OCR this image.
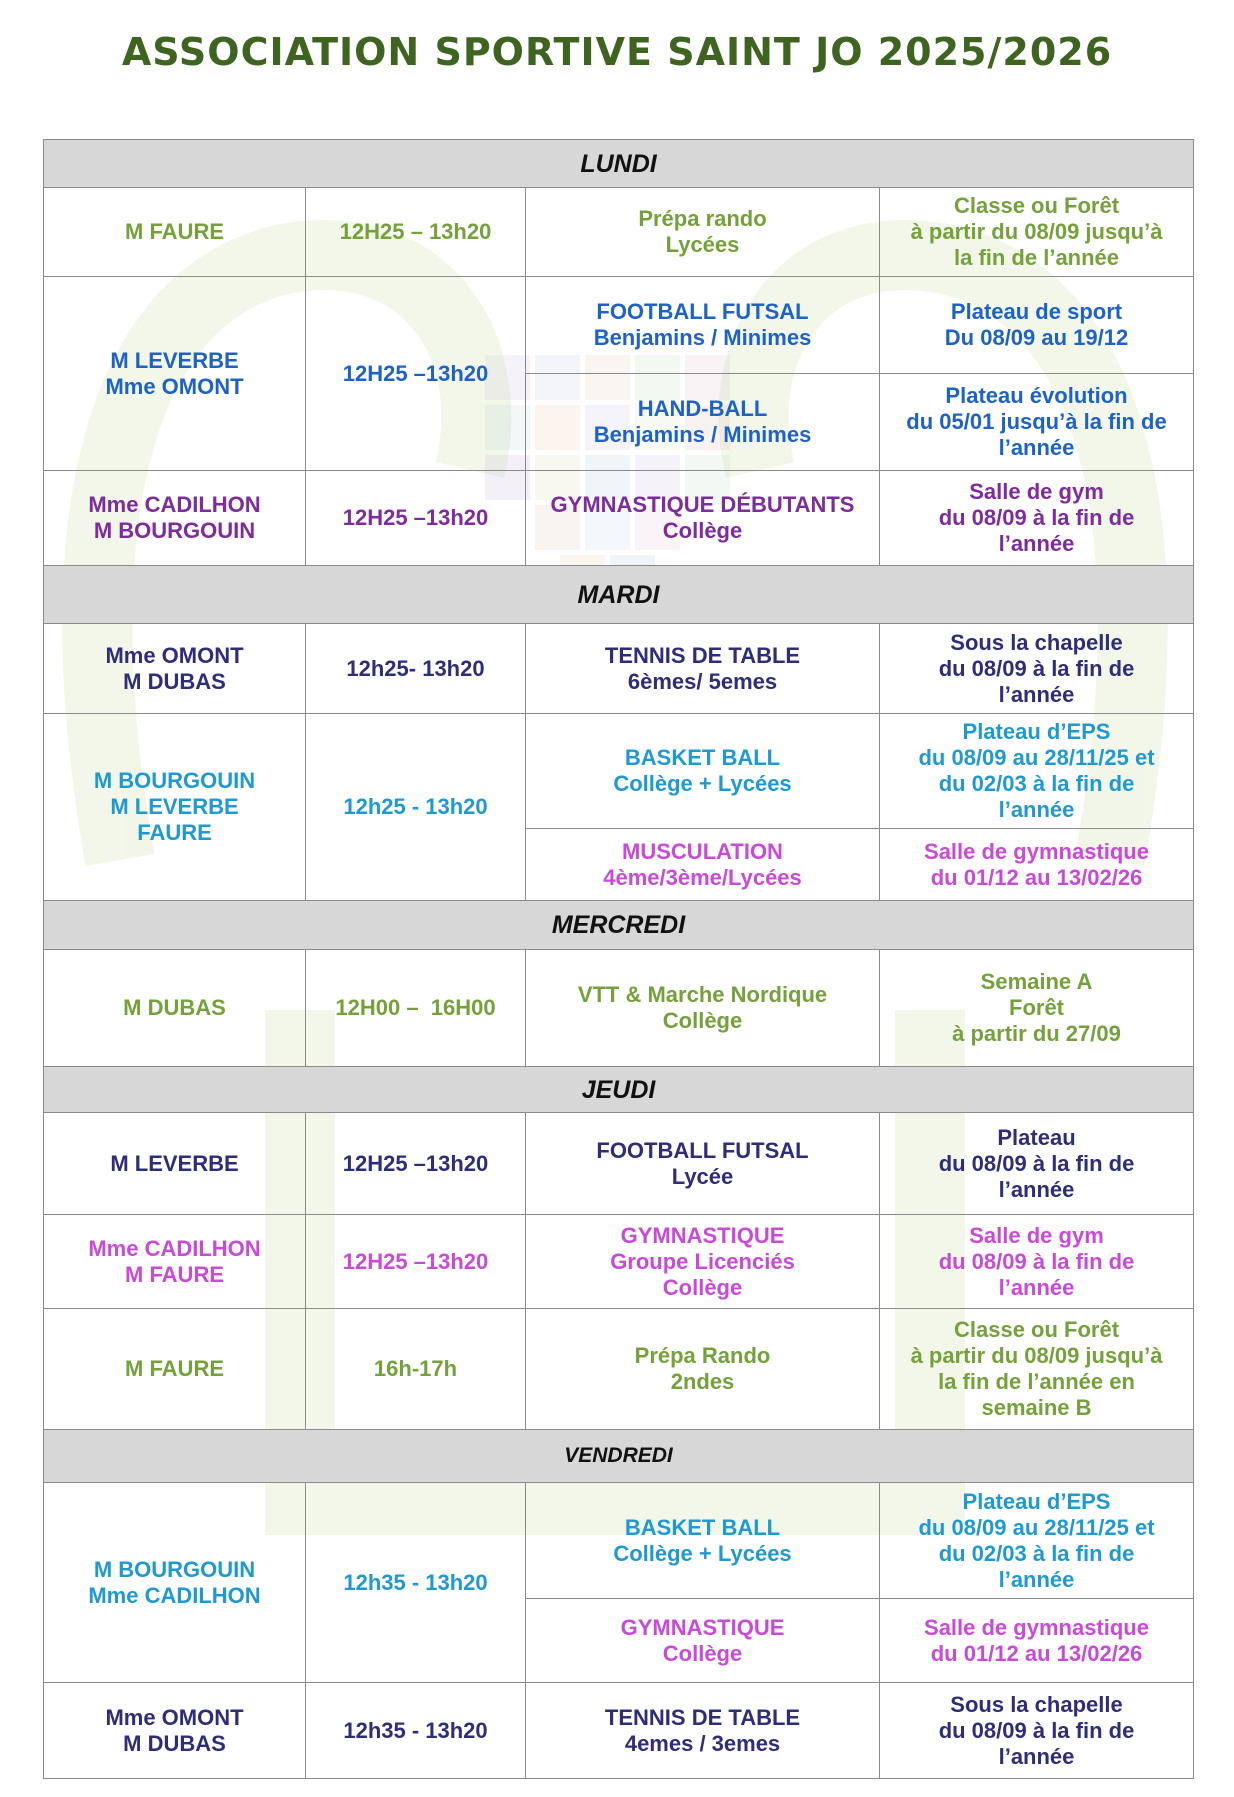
ASSOCIATION SPORTIVE SAINT JO 2025/2026
LUNDI			

M FAURE	12H25 – 13h20	Prépa rando
Lycées	Classe ou Forêt
à partir du 08/09 jusqu’à
la fin de l’année

M LEVERBE
Mme OMONT	12H25 –13h20	FOOTBALL FUTSAL
Benjamins / Minimes	Plateau de sport
Du 08/09 au 19/12

		HAND-BALL
Benjamins / Minimes	Plateau évolution
du 05/01 jusqu’à la fin de
l’année

Mme CADILHON
M BOURGOUIN	12H25 –13h20	GYMNASTIQUE DÉBUTANTS
Collège	Salle de gym
du 08/09 à la fin de
l’année

MARDI			

Mme OMONT
M DUBAS	12h25- 13h20	TENNIS DE TABLE
6èmes/ 5emes	Sous la chapelle
du 08/09 à la fin de
l’année

M BOURGOUIN
M LEVERBE
FAURE	12h25 - 13h20	BASKET BALL
Collège + Lycées	Plateau d’EPS
du 08/09 au 28/11/25 et
du 02/03 à la fin de
l’année

		MUSCULATION
4ème/3ème/Lycées	Salle de gymnastique
du 01/12 au 13/02/26

MERCREDI			

M DUBAS	12H00 –  16H00	VTT & Marche Nordique
Collège	Semaine A
Forêt
à partir du 27/09

JEUDI			

M LEVERBE	12H25 –13h20	FOOTBALL FUTSAL
Lycée	Plateau
du 08/09 à la fin de
l’année

Mme CADILHON
M FAURE	12H25 –13h20	GYMNASTIQUE
Groupe Licenciés
Collège	Salle de gym
du 08/09 à la fin de
l’année

M FAURE	16h-17h	Prépa Rando
2ndes	Classe ou Forêt
à partir du 08/09 jusqu’à
la fin de l’année en
semaine B

VENDREDI			

M BOURGOUIN
Mme CADILHON	12h35 - 13h20	BASKET BALL
Collège + Lycées	Plateau d’EPS
du 08/09 au 28/11/25 et
du 02/03 à la fin de
l’année

		GYMNASTIQUE
Collège	Salle de gymnastique
du 01/12 au 13/02/26

Mme OMONT
M DUBAS	12h35 - 13h20	TENNIS DE TABLE
4emes / 3emes	Sous la chapelle
du 08/09 à la fin de
l’année
